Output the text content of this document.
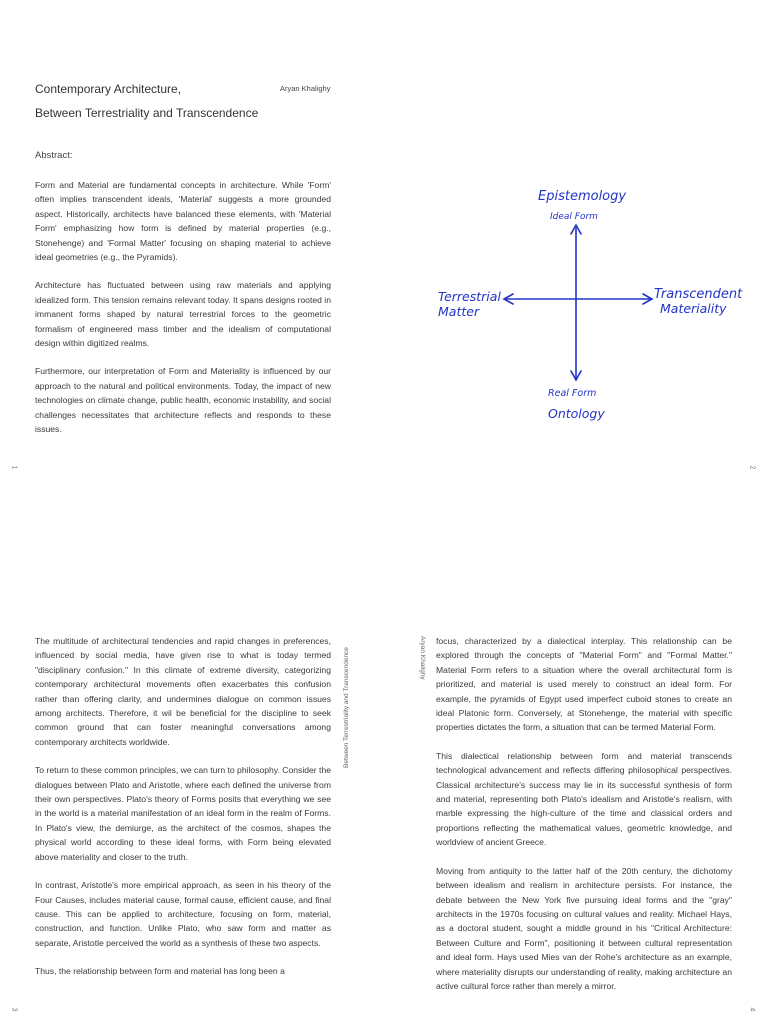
Contemporary Architecture,
Between Terrestriality and Transcendence
Aryan Khalighy
Abstract:

Form and Material are fundamental concepts in architecture. While 'Form' often implies transcendent ideals, 'Material' suggests a more grounded aspect. Historically, architects have balanced these elements, with 'Material Form' emphasizing how form is defined by material properties (e.g., Stonehenge) and 'Formal Matter' focusing on shaping material to achieve ideal geometries (e.g., the Pyramids).

Architecture has fluctuated between using raw materials and applying idealized form. This tension remains relevant today. It spans designs rooted in immanent forms shaped by natural terrestrial forces to the geometric formalism of engineered mass timber and the idealism of computational design within digitized realms.

Furthermore, our interpretation of Form and Materiality is influenced by our approach to the natural and political environments. Today, the impact of new technologies on climate change, public health, economic instability, and social challenges necessitates that architecture reflects and responds to these issues.

1
Epistemology
Ideal Form
Terrestrial
Matter
Transcendent
Materiality
Real Form
Ontology
2

The multitude of architectural tendencies and rapid changes in preferences, influenced by social media, have given rise to what is today termed "disciplinary confusion." In this climate of extreme diversity, categorizing contemporary architectural movements often exacerbates this confusion rather than offering clarity, and undermines dialogue on common issues among architects. Therefore, it wil be beneficial for the discipline to seek common ground that can foster meaningful conversations among contemporary architects worldwide.

To return to these common principles, we can turn to philosophy. Consider the dialogues between Plato and Aristotle, where each defined the universe from their own perspectives. Plato's theory of Forms posits that everything we see in the world is a material manifestation of an ideal form in the realm of Forms. In Plato's view, the demiurge, as the architect of the cosmos, shapes the physical world according to these ideal forms, with Form being elevated above materiality and closer to the truth.

In contrast, Aristotle's more empirical approach, as seen in his theory of the Four Causes, includes material cause, formal cause, efficient cause, and final cause. This can be applied to architecture, focusing on form, material, construction, and function. Unlike Plato, who saw form and matter as separate, Aristotle perceived the world as a synthesis of these two aspects.

Thus, the relationship between form and material has long been a

Between Terrestriality and Transcendence
3
Aryan Khalighy focus, characterized by a dialectical interplay. This relationship can be explored through the concepts of "Material Form" and "Formal Matter." Material Form refers to a situation where the overall architectural form is prioritized, and material is used merely to construct an ideal form. For example, the pyramids of Egypt used imperfect cuboid stones to create an ideal Platonic form. Conversely, at Stonehenge, the material with specific properties dictates the form, a situation that can be termed Material Form.

This dialectical relationship between form and material transcends technological advancement and reflects differing philosophical perspectives. Classical architecture's success may lie in its successful synthesis of form and material, representing both Plato's idealism and Aristotle's realism, with marble expressing the high-culture of the time and classical orders and proportions reflecting the mathematical values, geometric knowledge, and worldview of ancient Greece.

Moving from antiquity to the latter half of the 20th century, the dichotomy between idealism and realism in architecture persists. For instance, the debate between the New York five pursuing ideal forms and the "gray" architects in the 1970s focusing on cultural values and reality. Michael Hays, as a doctoral student, sought a middle ground in his "Critical Architecture: Between Culture and Form", positioning it between cultural representation and ideal form. Hays used Mies van der Rohe's architecture as an example, where materiality disrupts our understanding of reality, making architecture an active cultural force rather than merely a mirror.

4
